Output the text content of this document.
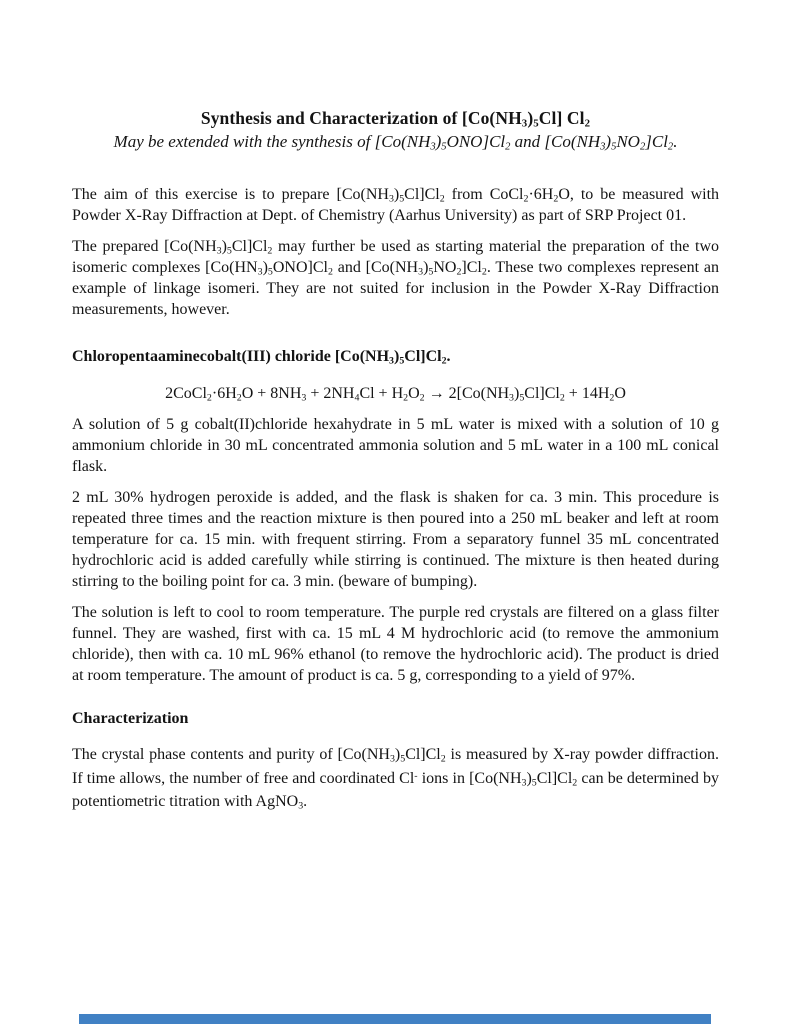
Synthesis and Characterization of $[Co(NH_3)_5Cl]$ $Cl_2$

May be extended with the synthesis of $[Co(NH_3)_5ONO]Cl_2$ and $[Co(NH_3)_5NO_2]Cl_2$.

The aim of this exercise is to prepare $[Co(NH_3)_5Cl]Cl_2$ from $CoCl_2\cdot 6H_2O$, to be measured with Powder X-Ray Diffraction at Dept. of Chemistry (Aarhus University) as part of SRP Project 01.

The prepared $[Co(NH_3)_5Cl]Cl_2$ may further be used as starting material the preparation of the two isomeric complexes $[Co(HN_3)_5ONO]Cl_2$ and $[Co(NH_3)_5NO_2]Cl_2$. These two complexes represent an example of linkage isomeri. They are not suited for inclusion in the Powder X-Ray Diffraction measurements, however.

Chloropentaaminecobalt(III) chloride $[Co(NH_3)_5Cl]Cl_2$.

$2CoCl_2\cdot 6H_2O + 8NH_3 + 2NH_4Cl + H_2O_2 \to 2[Co(NH_3)_5Cl]Cl_2 + 14H_2O$

A solution of 5 g cobalt(II)chloride hexahydrate in 5 mL water is mixed with a solution of 10 g ammonium chloride in 30 mL concentrated ammonia solution and 5 mL water in a 100 mL conical flask.

2 mL 30% hydrogen peroxide is added, and the flask is shaken for ca. 3 min. This procedure is repeated three times and the reaction mixture is then poured into a 250 mL beaker and left at room temperature for ca. 15 min. with frequent stirring. From a separatory funnel 35 mL concentrated hydrochloric acid is added carefully while stirring is continued. The mixture is then heated during stirring to the boiling point for ca. 3 min. (beware of bumping).

The solution is left to cool to room temperature. The purple red crystals are filtered on a glass filter funnel. They are washed, first with ca. 15 mL 4 M hydrochloric acid (to remove the ammonium chloride), then with ca. 10 mL 96% ethanol (to remove the hydrochloric acid). The product is dried at room temperature. The amount of product is ca. 5 g, corresponding to a yield of 97%.

Characterization

The crystal phase contents and purity of $[Co(NH_3)_5Cl]Cl_2$ is measured by X-ray powder diffraction. If time allows, the number of free and coordinated Cl- ions in $[Co(NH_3)_5Cl]Cl_2$ can be determined by potentiometric titration with AgNO$_3$.
